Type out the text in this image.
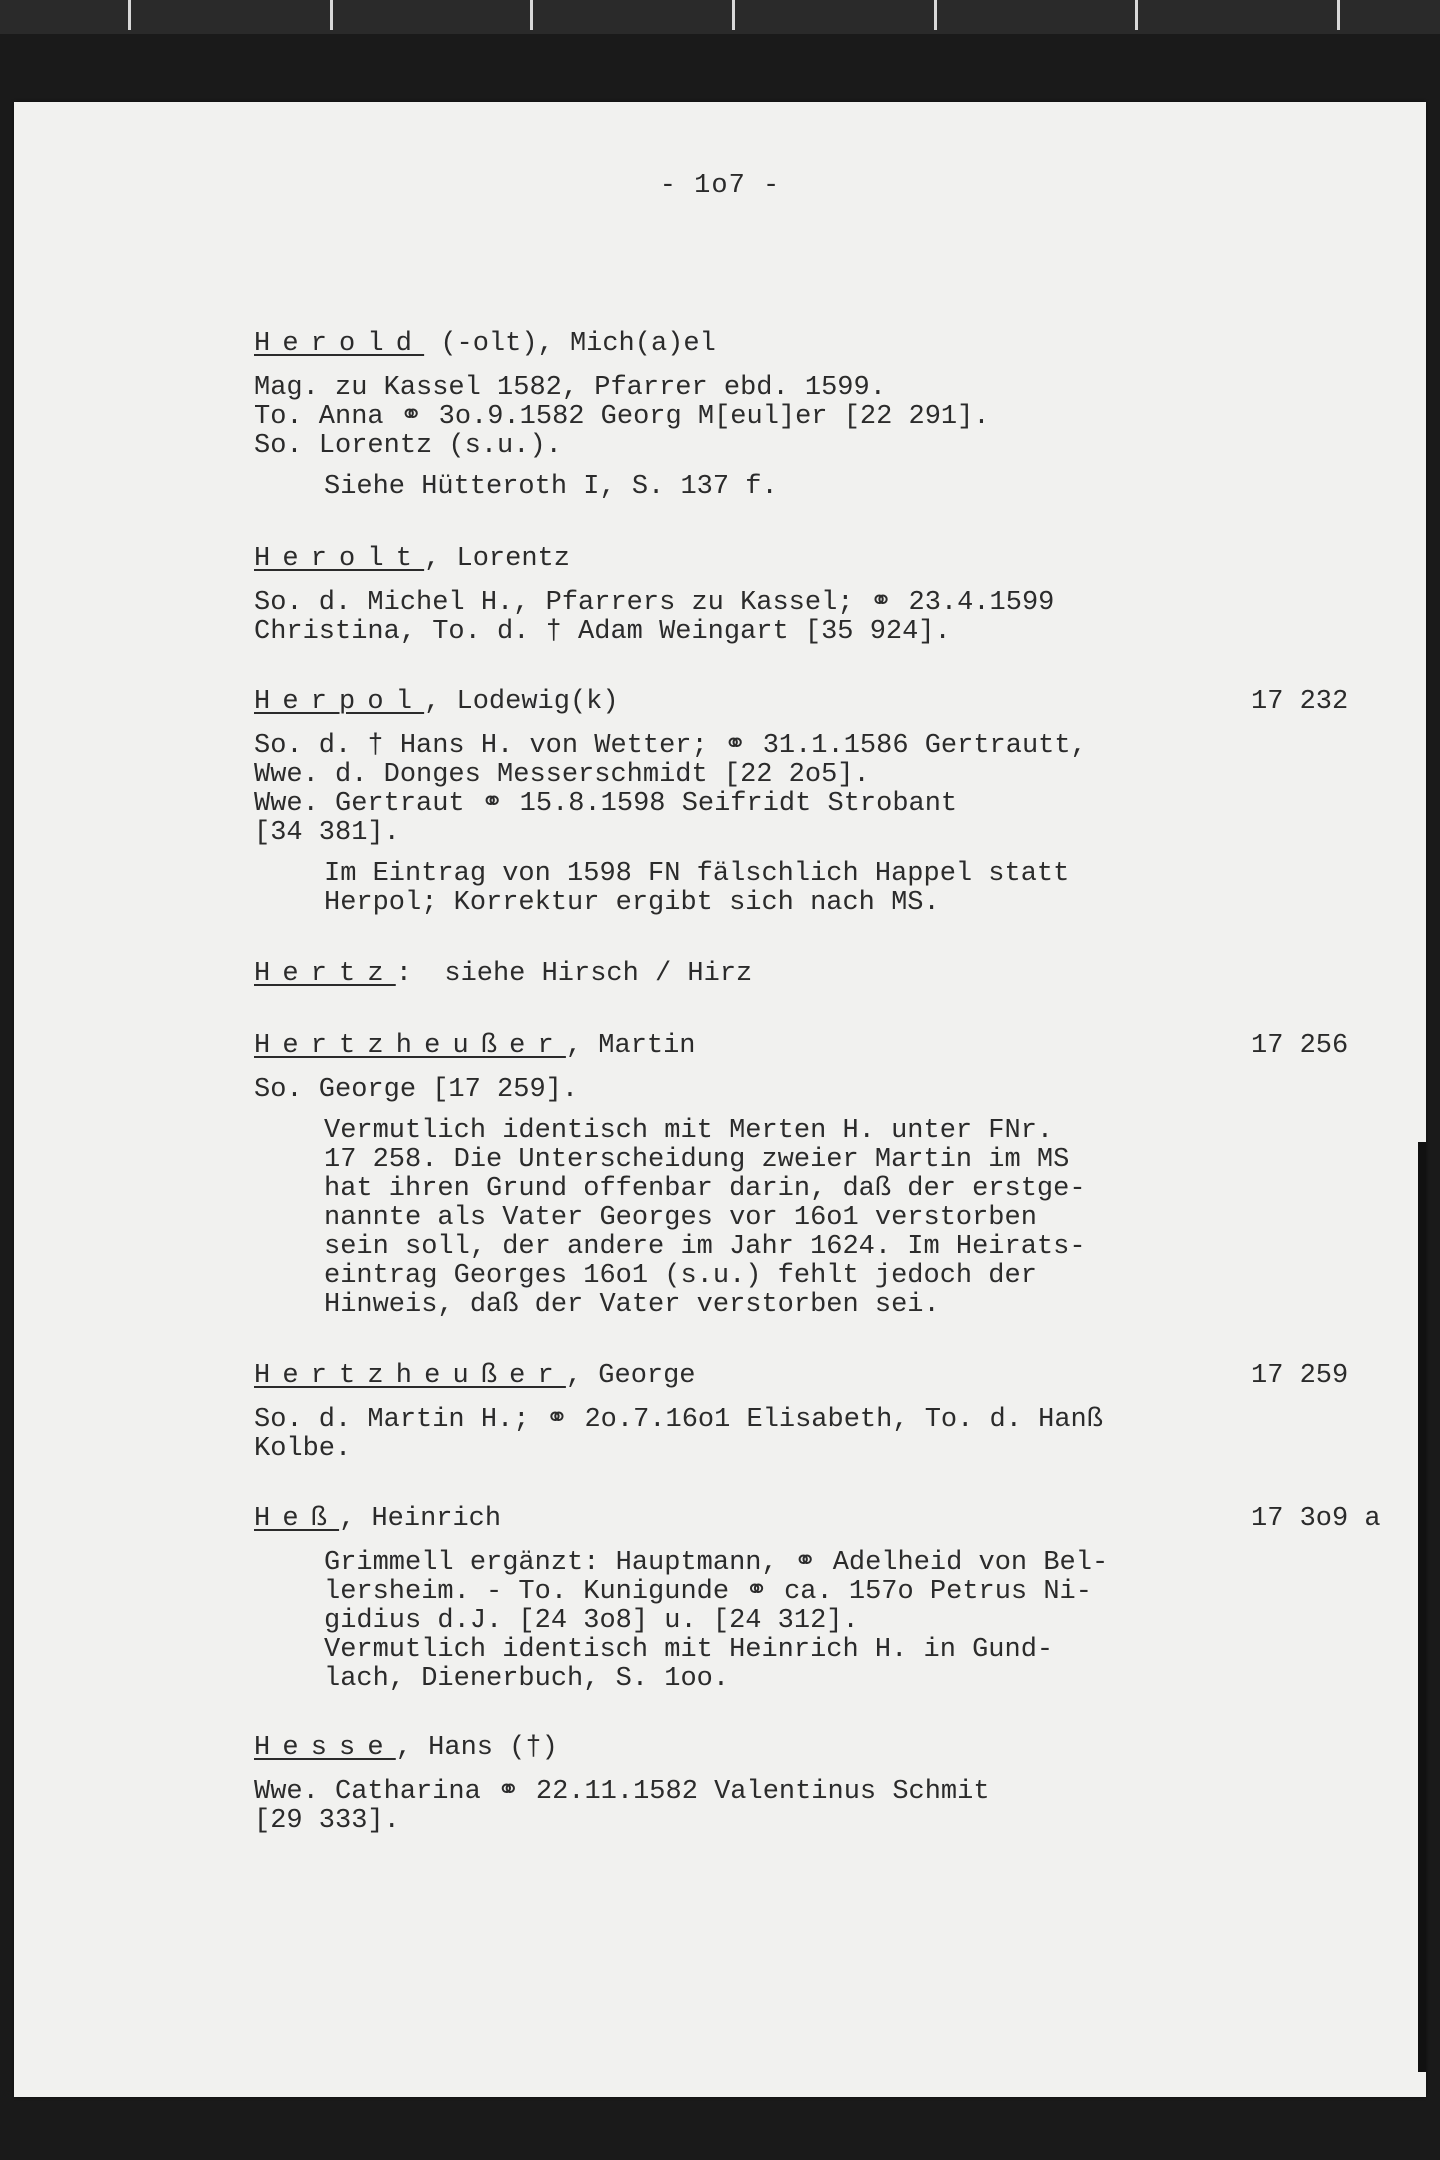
- 1o7 -
Herold (-olt), Mich(a)el
Mag. zu Kassel 1582, Pfarrer ebd. 1599.
To. Anna ⚭ 3o.9.1582 Georg M[eul]er [22 291].
So. Lorentz (s.u.).
Siehe Hütteroth I, S. 137 f.
Herolt, Lorentz
So. d. Michel H., Pfarrers zu Kassel; ⚭ 23.4.1599
Christina, To. d. † Adam Weingart [35 924].
Herpol, Lodewig(k)	17 232
So. d. † Hans H. von Wetter; ⚭ 31.1.1586 Gertrautt,
Wwe. d. Donges Messerschmidt [22 2o5].
Wwe. Gertraut ⚭ 15.8.1598 Seifridt Strobant
[34 381].
Im Eintrag von 1598 FN fälschlich Happel statt
Herpol; Korrektur ergibt sich nach MS.
Hertz:  siehe Hirsch / Hirz
Hertzheußer, Martin	17 256
So. George [17 259].
Vermutlich identisch mit Merten H. unter FNr.
17 258. Die Unterscheidung zweier Martin im MS
hat ihren Grund offenbar darin, daß der erstge-
nannte als Vater Georges vor 16o1 verstorben
sein soll, der andere im Jahr 1624. Im Heirats-
eintrag Georges 16o1 (s.u.) fehlt jedoch der
Hinweis, daß der Vater verstorben sei.
Hertzheußer, George	17 259
So. d. Martin H.; ⚭ 2o.7.16o1 Elisabeth, To. d. Hanß
Kolbe.
Heß, Heinrich	17 3o9 a
Grimmell ergänzt: Hauptmann, ⚭ Adelheid von Bel-
lersheim. - To. Kunigunde ⚭ ca. 157o Petrus Ni-
gidius d.J. [24 3o8] u. [24 312].
Vermutlich identisch mit Heinrich H. in Gund-
lach, Dienerbuch, S. 1oo.
Hesse, Hans (†)
Wwe. Catharina ⚭ 22.11.1582 Valentinus Schmit
[29 333].
